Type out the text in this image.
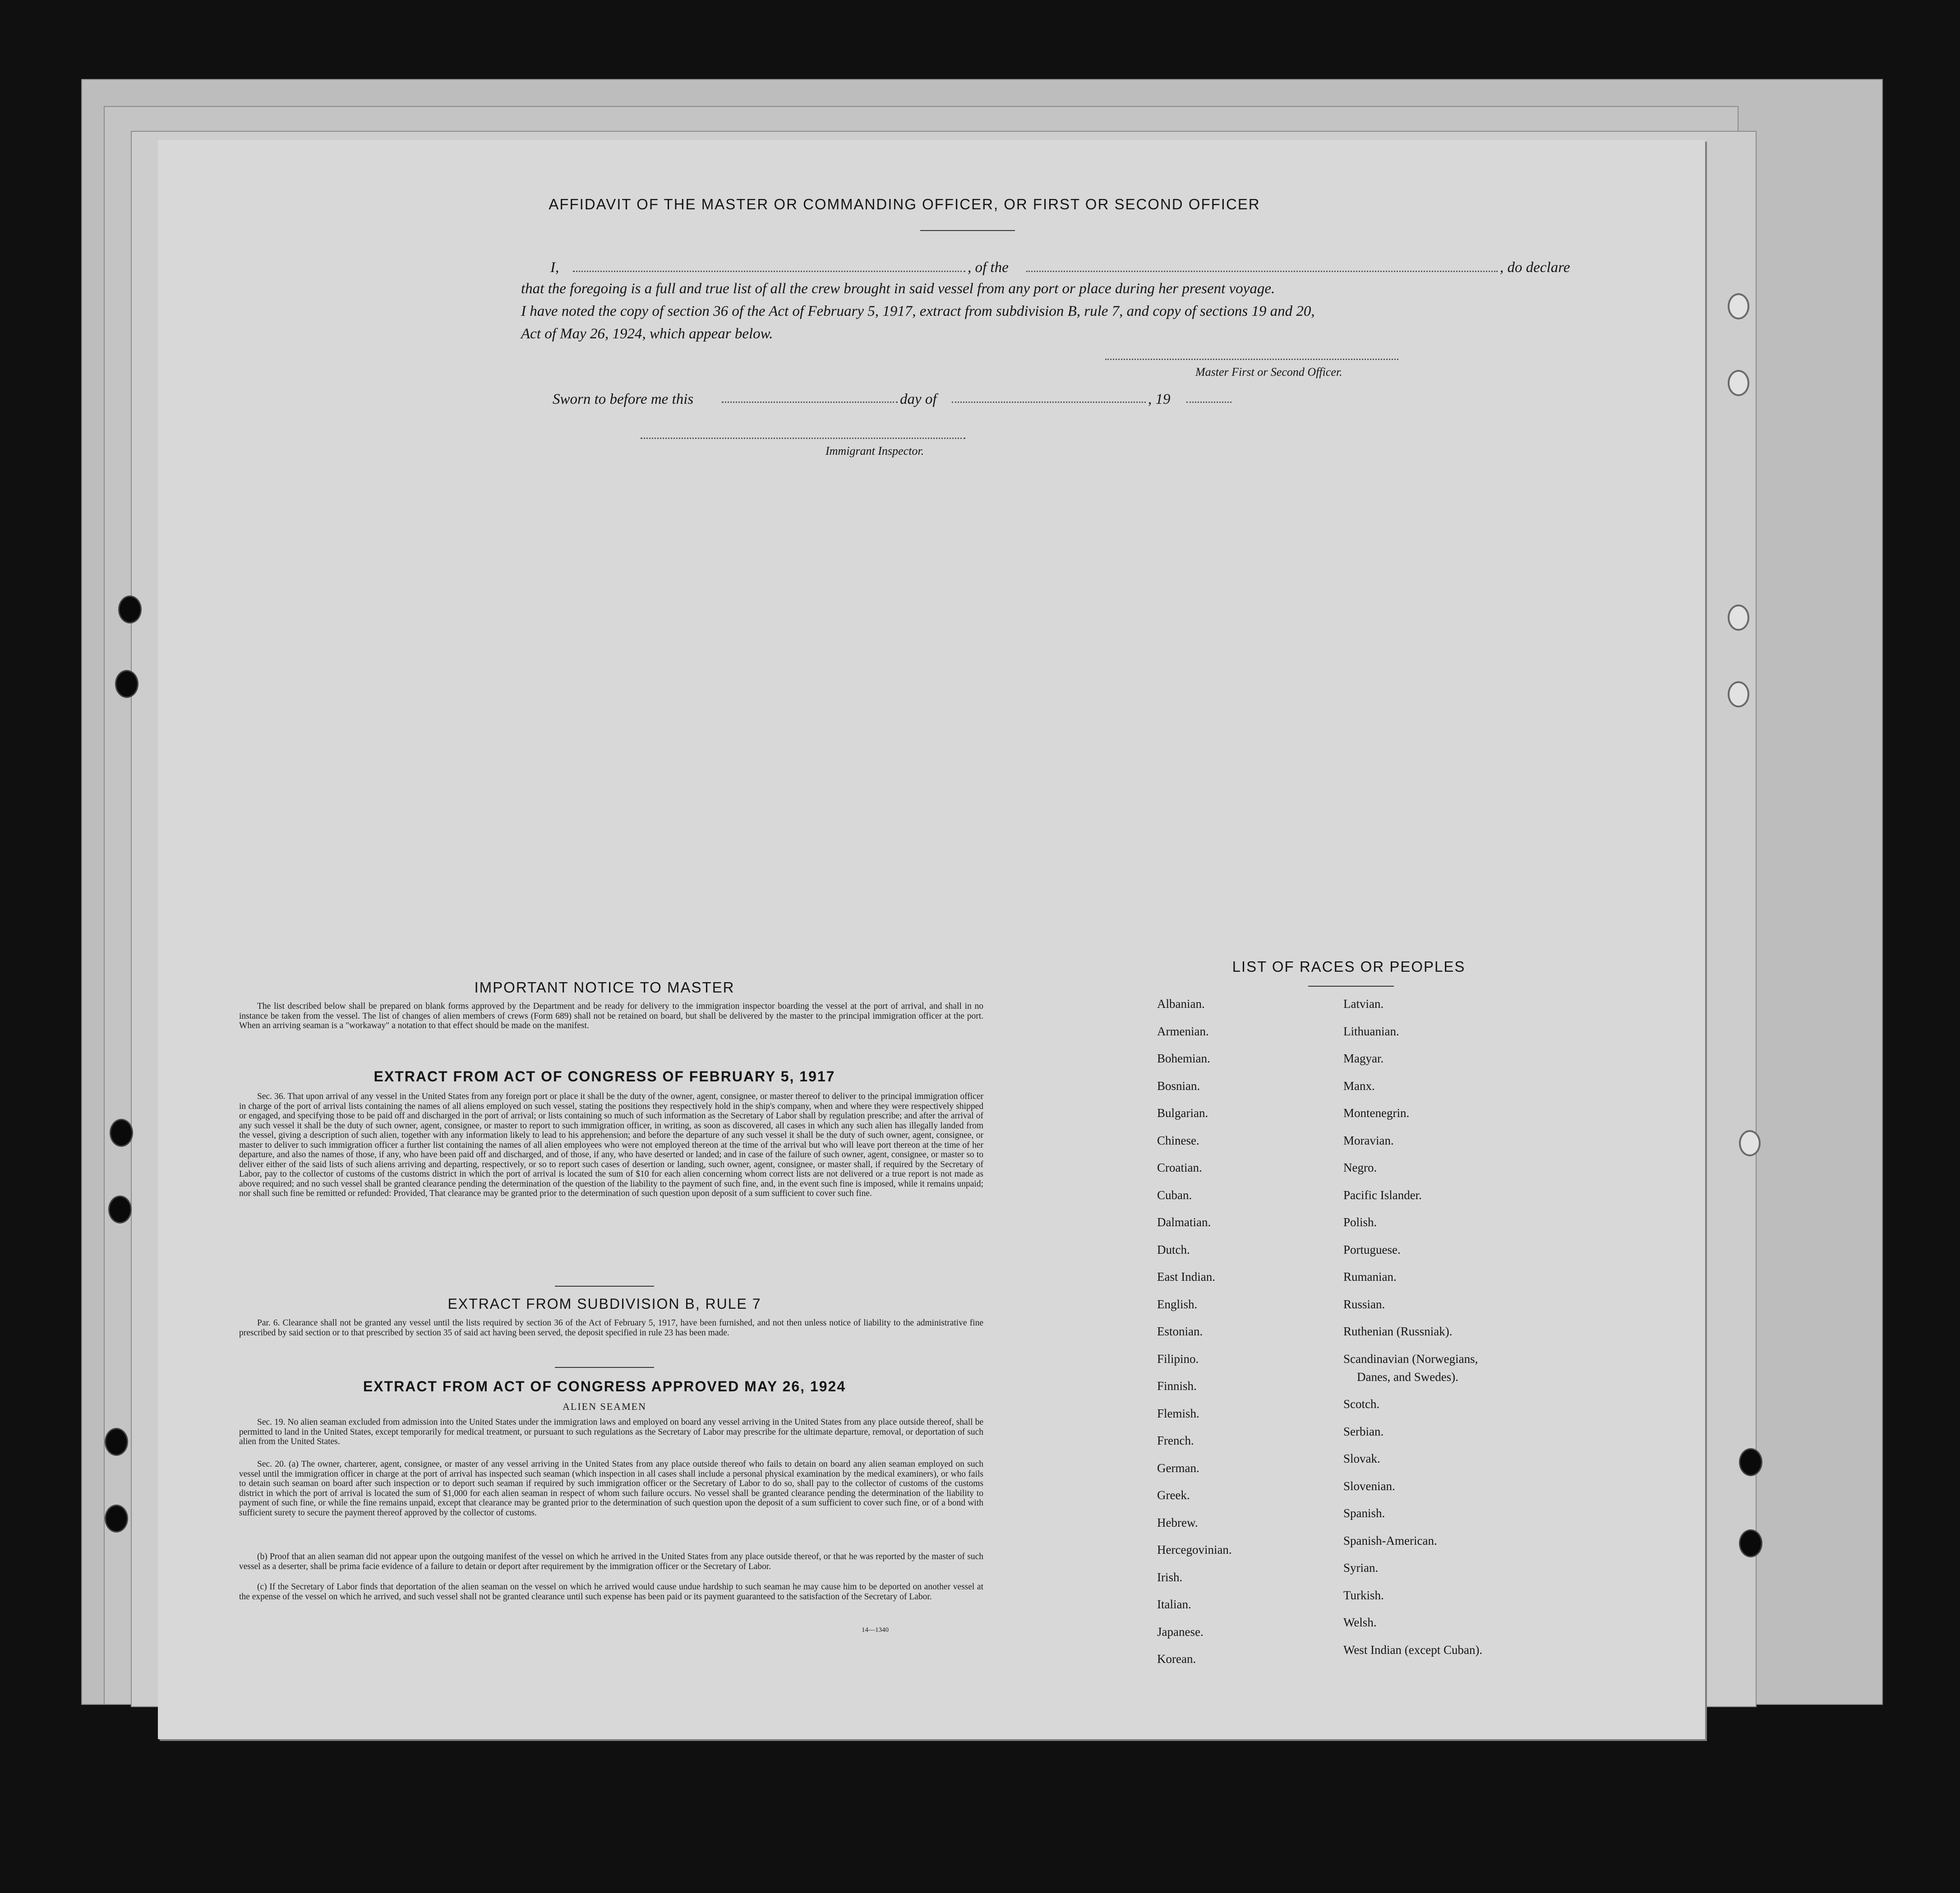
AFFIDAVIT OF THE MASTER OR COMMANDING OFFICER, OR FIRST OR SECOND OFFICER
I,	, of the	, do declare
that the foregoing is a full and true list of all the crew brought in said vessel from any port or place during her present voyage.
I have noted the copy of section 36 of the Act of February 5, 1917, extract from subdivision B, rule 7, and copy of sections 19 and 20,
Act of May 26, 1924, which appear below.
Master First or Second Officer.
Sworn to before me this	day of	, 19
Immigrant Inspector.
IMPORTANT NOTICE TO MASTER
The list described below shall be prepared on blank forms approved by the Department and be ready for delivery to the immigration inspector boarding the vessel at the port of arrival, and shall in no instance be taken from the vessel. The list of changes of alien members of crews (Form 689) shall not be retained on board, but shall be delivered by the master to the principal immigration officer at the port. When an arriving seaman is a "workaway" a notation to that effect should be made on the manifest.
EXTRACT FROM ACT OF CONGRESS OF FEBRUARY 5, 1917
Sec. 36. That upon arrival of any vessel in the United States from any foreign port or place it shall be the duty of the owner, agent, consignee, or master thereof to deliver to the principal immigration officer in charge of the port of arrival lists containing the names of all aliens employed on such vessel, stating the positions they respectively hold in the ship's company, when and where they were respectively shipped or engaged, and specifying those to be paid off and discharged in the port of arrival; or lists containing so much of such information as the Secretary of Labor shall by regulation prescribe; and after the arrival of any such vessel it shall be the duty of such owner, agent, consignee, or master to report to such immigration officer, in writing, as soon as discovered, all cases in which any such alien has illegally landed from the vessel, giving a description of such alien, together with any information likely to lead to his apprehension; and before the departure of any such vessel it shall be the duty of such owner, agent, consignee, or master to deliver to such immigration officer a further list containing the names of all alien employees who were not employed thereon at the time of the arrival but who will leave port thereon at the time of her departure, and also the names of those, if any, who have been paid off and discharged, and of those, if any, who have deserted or landed; and in case of the failure of such owner, agent, consignee, or master so to deliver either of the said lists of such aliens arriving and departing, respectively, or so to report such cases of desertion or landing, such owner, agent, consignee, or master shall, if required by the Secretary of Labor, pay to the collector of customs of the customs district in which the port of arrival is located the sum of $10 for each alien concerning whom correct lists are not delivered or a true report is not made as above required; and no such vessel shall be granted clearance pending the determination of the question of the liability to the payment of such fine, and, in the event such fine is imposed, while it remains unpaid; nor shall such fine be remitted or refunded: Provided, That clearance may be granted prior to the determination of such question upon deposit of a sum sufficient to cover such fine.
EXTRACT FROM SUBDIVISION B, RULE 7
Par. 6. Clearance shall not be granted any vessel until the lists required by section 36 of the Act of February 5, 1917, have been furnished, and not then unless notice of liability to the administrative fine prescribed by said section or to that prescribed by section 35 of said act having been served, the deposit specified in rule 23 has been made.
EXTRACT FROM ACT OF CONGRESS APPROVED MAY 26, 1924
ALIEN SEAMEN
Sec. 19. No alien seaman excluded from admission into the United States under the immigration laws and employed on board any vessel arriving in the United States from any place outside thereof, shall be permitted to land in the United States, except temporarily for medical treatment, or pursuant to such regulations as the Secretary of Labor may prescribe for the ultimate departure, removal, or deportation of such alien from the United States.
Sec. 20. (a) The owner, charterer, agent, consignee, or master of any vessel arriving in the United States from any place outside thereof who fails to detain on board any alien seaman employed on such vessel until the immigration officer in charge at the port of arrival has inspected such seaman (which inspection in all cases shall include a personal physical examination by the medical examiners), or who fails to detain such seaman on board after such inspection or to deport such seaman if required by such immigration officer or the Secretary of Labor to do so, shall pay to the collector of customs of the customs district in which the port of arrival is located the sum of $1,000 for each alien seaman in respect of whom such failure occurs. No vessel shall be granted clearance pending the determination of the liability to payment of such fine, or while the fine remains unpaid, except that clearance may be granted prior to the determination of such question upon the deposit of a sum sufficient to cover such fine, or of a bond with sufficient surety to secure the payment thereof approved by the collector of customs.
(b) Proof that an alien seaman did not appear upon the outgoing manifest of the vessel on which he arrived in the United States from any place outside thereof, or that he was reported by the master of such vessel as a deserter, shall be prima facie evidence of a failure to detain or deport after requirement by the immigration officer or the Secretary of Labor.
(c) If the Secretary of Labor finds that deportation of the alien seaman on the vessel on which he arrived would cause undue hardship to such seaman he may cause him to be deported on another vessel at the expense of the vessel on which he arrived, and such vessel shall not be granted clearance until such expense has been paid or its payment guaranteed to the satisfaction of the Secretary of Labor.
14—1340
LIST OF RACES OR PEOPLES
Albanian.
Armenian.
Bohemian.
Bosnian.
Bulgarian.
Chinese.
Croatian.
Cuban.
Dalmatian.
Dutch.
East Indian.
English.
Estonian.
Filipino.
Finnish.
Flemish.
French.
German.
Greek.
Hebrew.
Hercegovinian.
Irish.
Italian.
Japanese.
Korean.
Latvian.
Lithuanian.
Magyar.
Manx.
Montenegrin.
Moravian.
Negro.
Pacific Islander.
Polish.
Portuguese.
Rumanian.
Russian.
Ruthenian (Russniak).
Scandinavian (Norwegians,
Danes, and Swedes).
Scotch.
Serbian.
Slovak.
Slovenian.
Spanish.
Spanish-American.
Syrian.
Turkish.
Welsh.
West Indian (except Cuban).
